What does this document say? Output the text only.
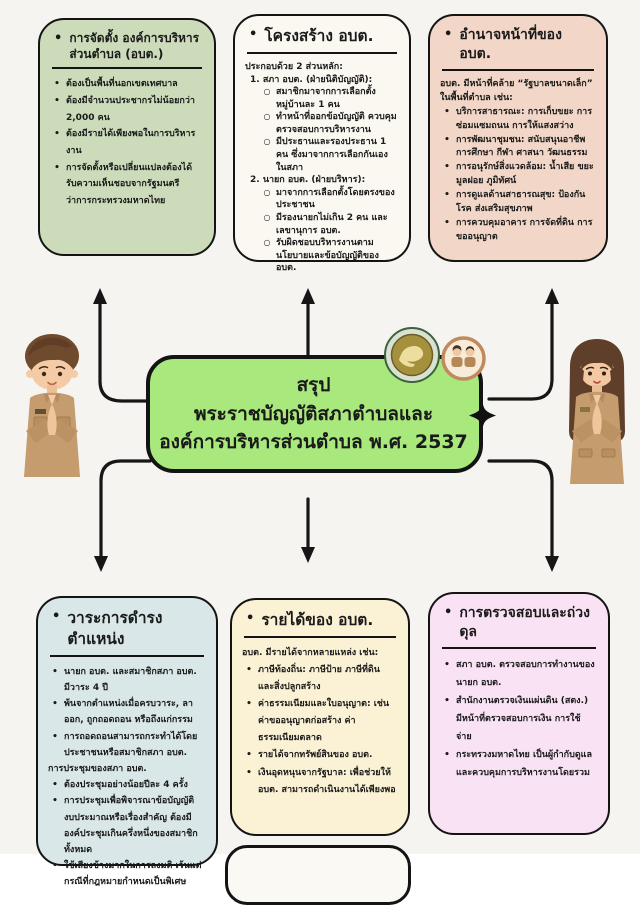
• การจัดตั้ง องค์การบริหารส่วนตำบล (อบต.)
• ต้องเป็นพื้นที่นอกเขตเทศบาล
• ต้องมีจำนวนประชากรไม่น้อยกว่า 2,000 คน
• ต้องมีรายได้เพียงพอในการบริหารงาน
• การจัดตั้งหรือเปลี่ยนแปลงต้องได้รับความเห็นชอบจากรัฐมนตรีว่าการกระทรวงมหาดไทย
• โครงสร้าง อบต.
ประกอบด้วย 2 ส่วนหลัก:
1. สภา อบต. (ฝ่ายนิติบัญญัติ):
○ สมาชิกมาจากการเลือกตั้ง หมู่บ้านละ 1 คน
○ ทำหน้าที่ออกข้อบัญญัติ ควบคุมตรวจสอบการบริหารงาน
○ มีประธานและรองประธาน 1 คน ซึ่งมาจากการเลือกกันเองในสภา
2. นายก อบต. (ฝ่ายบริหาร):
○ มาจากการเลือกตั้งโดยตรงของประชาชน
○ มีรองนายกไม่เกิน 2 คน และเลขานุการ อบต.
○ รับผิดชอบบริหารงานตามนโยบายและข้อบัญญัติของ อบต.
• อำนาจหน้าที่ของ อบต.
อบต. มีหน้าที่คล้าย “รัฐบาลขนาดเล็ก” ในพื้นที่ตำบล เช่น:
• บริการสาธารณะ: การเก็บขยะ การซ่อมแซมถนน การให้แสงสว่าง
• การพัฒนาชุมชน: สนับสนุนอาชีพ การศึกษา กีฬา ศาสนา วัฒนธรรม
• การอนุรักษ์สิ่งแวดล้อม: น้ำเสีย ขยะมูลฝอย ภูมิทัศน์
• การดูแลด้านสาธารณสุข: ป้องกันโรค ส่งเสริมสุขภาพ
• การควบคุมอาคาร การจัดที่ดิน การขออนุญาต
• วาระการดำรงตำแหน่ง
• นายก อบต. และสมาชิกสภา อบต. มีวาระ 4 ปี
• พ้นจากตำแหน่งเมื่อครบวาระ, ลาออก, ถูกถอดถอน หรือถึงแก่กรรม
• การถอดถอนสามารถกระทำได้โดยประชาชนหรือสมาชิกสภา อบต.
การประชุมของสภา อบต.
• ต้องประชุมอย่างน้อยปีละ 4 ครั้ง
• การประชุมเพื่อพิจารณาข้อบัญญัติงบประมาณหรือเรื่องสำคัญ ต้องมีองค์ประชุมเกินครึ่งหนึ่งของสมาชิกทั้งหมด
• ใช้เสียงข้างมากในการลงมติ เว้นแต่กรณีที่กฎหมายกำหนดเป็นพิเศษ
• รายได้ของ อบต.
อบต. มีรายได้จากหลายแหล่ง เช่น:
• ภาษีท้องถิ่น: ภาษีป้าย ภาษีที่ดินและสิ่งปลูกสร้าง
• ค่าธรรมเนียมและใบอนุญาต: เช่น ค่าขออนุญาตก่อสร้าง ค่าธรรมเนียมตลาด
• รายได้จากทรัพย์สินของ อบต.
• เงินอุดหนุนจากรัฐบาล: เพื่อช่วยให้ อบต. สามารถดำเนินงานได้เพียงพอ
• การตรวจสอบและถ่วงดุล
• สภา อบต. ตรวจสอบการทำงานของนายก อบต.
• สำนักงานตรวจเงินแผ่นดิน (สตง.) มีหน้าที่ตรวจสอบการเงิน การใช้จ่าย
• กระทรวงมหาดไทย เป็นผู้กำกับดูแลและควบคุมการบริหารงานโดยรวม
สรุป
พระราชบัญญัติสภาตำบลและ
องค์การบริหารส่วนตำบล พ.ศ. 2537
